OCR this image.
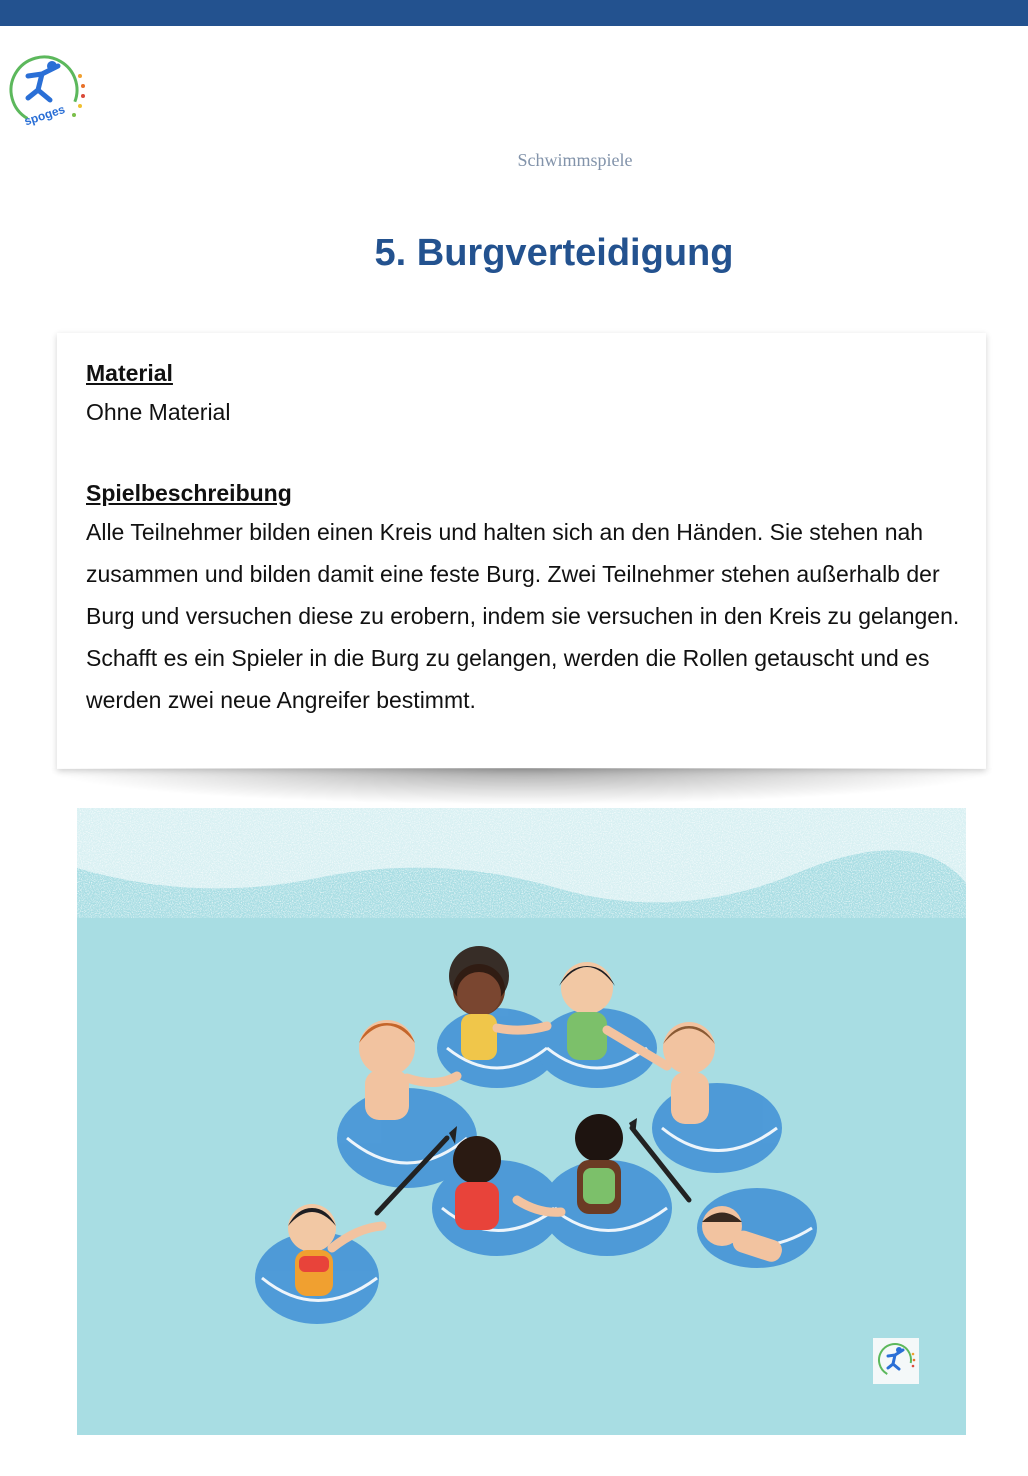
spoges
Schwimmspiele
5. Burgverteidigung
Material
Ohne Material
Spielbeschreibung
Alle Teilnehmer bilden einen Kreis und halten sich an den Händen. Sie stehen nah zusammen und bilden damit eine feste Burg. Zwei Teilnehmer stehen außerhalb der Burg und versuchen diese zu erobern, indem sie versuchen in den Kreis zu gelangen. Schafft es ein Spieler in die Burg zu gelangen, werden die Rollen getauscht und es werden zwei neue Angreifer bestimmt.
